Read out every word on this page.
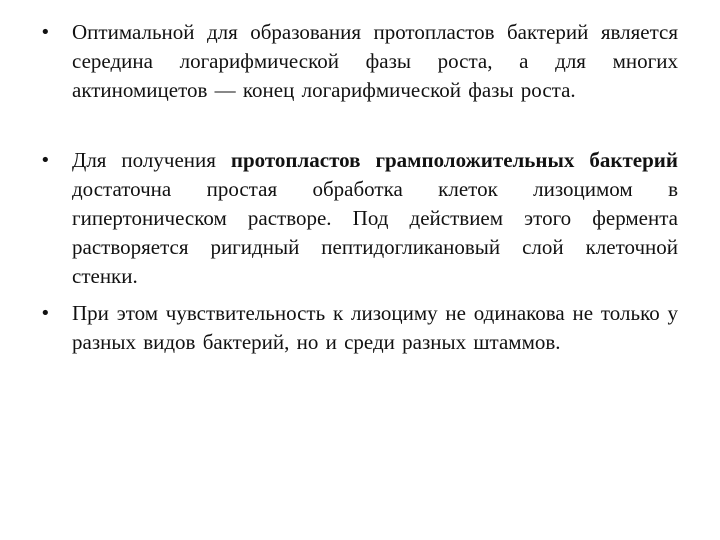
• Оптимальной для образования протопластов бактерий является середина логарифмической фазы роста, а для многих актиномицетов — конец логарифмической фазы роста.
• Для получения протопластов грамположительных бактерий достаточна простая обработка клеток лизоцимом в гипертоническом растворе. Под действием этого фермента растворяется ригидный пептидогликановый слой клеточной стенки.
• При этом чувствительность к лизоциму не одинакова не только у разных видов бактерий, но и среди разных штаммов.
